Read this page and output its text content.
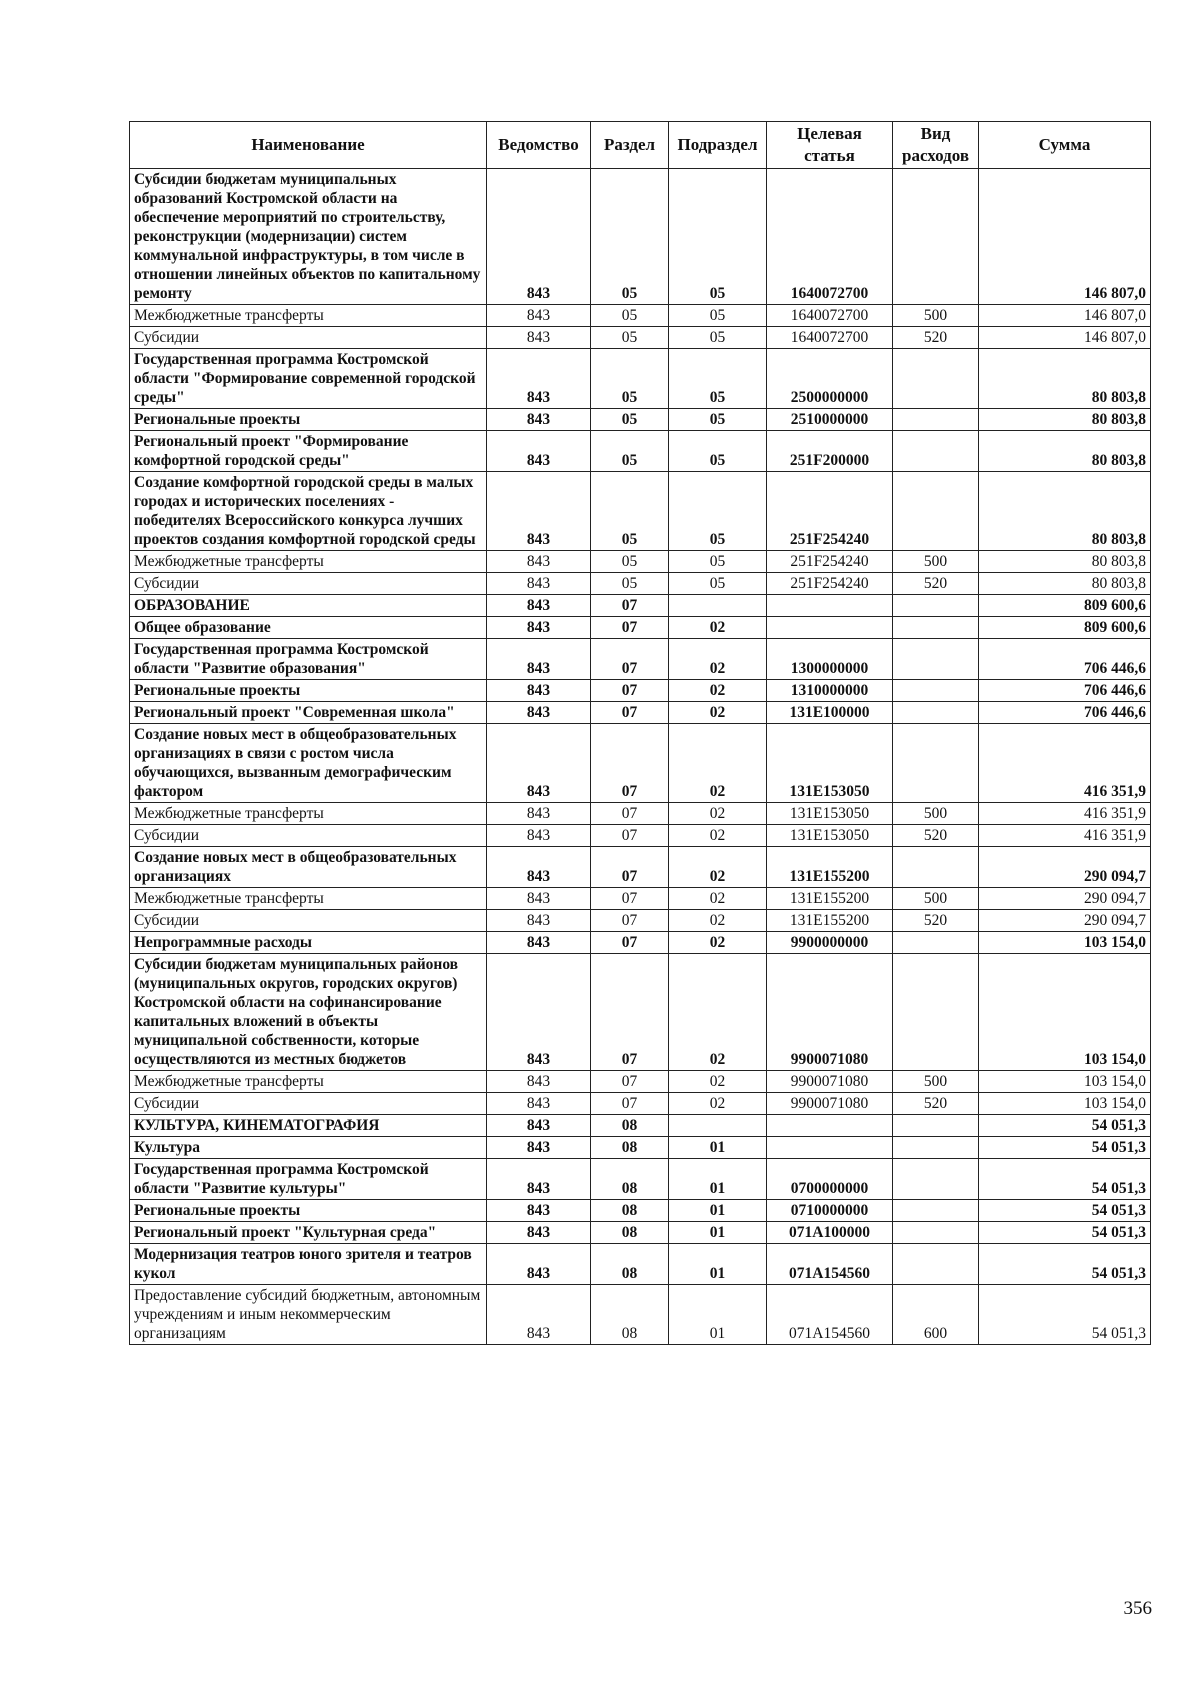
Наименование	Ведомство	Раздел	Подраздел	Целевая статья	Вид расходов	Сумма
Субсидии бюджетам муниципальных образований Костромской области на обеспечение мероприятий по строительству, реконструкции (модернизации) систем коммунальной инфраструктуры, в том числе в отношении линейных объектов по капитальному ремонту	843	05	05	1640072700		146 807,0
Межбюджетные трансферты	843	05	05	1640072700	500	146 807,0
Субсидии	843	05	05	1640072700	520	146 807,0
Государственная программа Костромской области "Формирование современной городской среды"	843	05	05	2500000000		80 803,8
Региональные проекты	843	05	05	2510000000		80 803,8
Региональный проект "Формирование комфортной городской среды"	843	05	05	251F200000		80 803,8
Создание комфортной городской среды в малых городах и исторических поселениях - победителях Всероссийского конкурса лучших проектов создания комфортной городской среды	843	05	05	251F254240		80 803,8
Межбюджетные трансферты	843	05	05	251F254240	500	80 803,8
Субсидии	843	05	05	251F254240	520	80 803,8
ОБРАЗОВАНИЕ	843	07				809 600,6
Общее образование	843	07	02			809 600,6
Государственная программа Костромской области "Развитие образования"	843	07	02	1300000000		706 446,6
Региональные проекты	843	07	02	1310000000		706 446,6
Региональный проект "Современная школа"	843	07	02	131E100000		706 446,6
Создание новых мест в общеобразовательных организациях в связи с ростом числа обучающихся, вызванным демографическим фактором	843	07	02	131E153050		416 351,9
Межбюджетные трансферты	843	07	02	131E153050	500	416 351,9
Субсидии	843	07	02	131E153050	520	416 351,9
Создание новых мест в общеобразовательных организациях	843	07	02	131E155200		290 094,7
Межбюджетные трансферты	843	07	02	131E155200	500	290 094,7
Субсидии	843	07	02	131E155200	520	290 094,7
Непрограммные расходы	843	07	02	9900000000		103 154,0
Субсидии бюджетам муниципальных районов (муниципальных округов, городских округов) Костромской области на софинансирование капитальных вложений в объекты муниципальной собственности, которые осуществляются из местных бюджетов	843	07	02	9900071080		103 154,0
Межбюджетные трансферты	843	07	02	9900071080	500	103 154,0
Субсидии	843	07	02	9900071080	520	103 154,0
КУЛЬТУРА, КИНЕМАТОГРАФИЯ	843	08				54 051,3
Культура	843	08	01			54 051,3
Государственная программа Костромской области "Развитие культуры"	843	08	01	0700000000		54 051,3
Региональные проекты	843	08	01	0710000000		54 051,3
Региональный проект "Культурная среда"	843	08	01	071A100000		54 051,3
Модернизация театров юного зрителя и театров кукол	843	08	01	071A154560		54 051,3
Предоставление субсидий бюджетным, автономным учреждениям и иным некоммерческим организациям	843	08	01	071A154560	600	54 051,3
356
